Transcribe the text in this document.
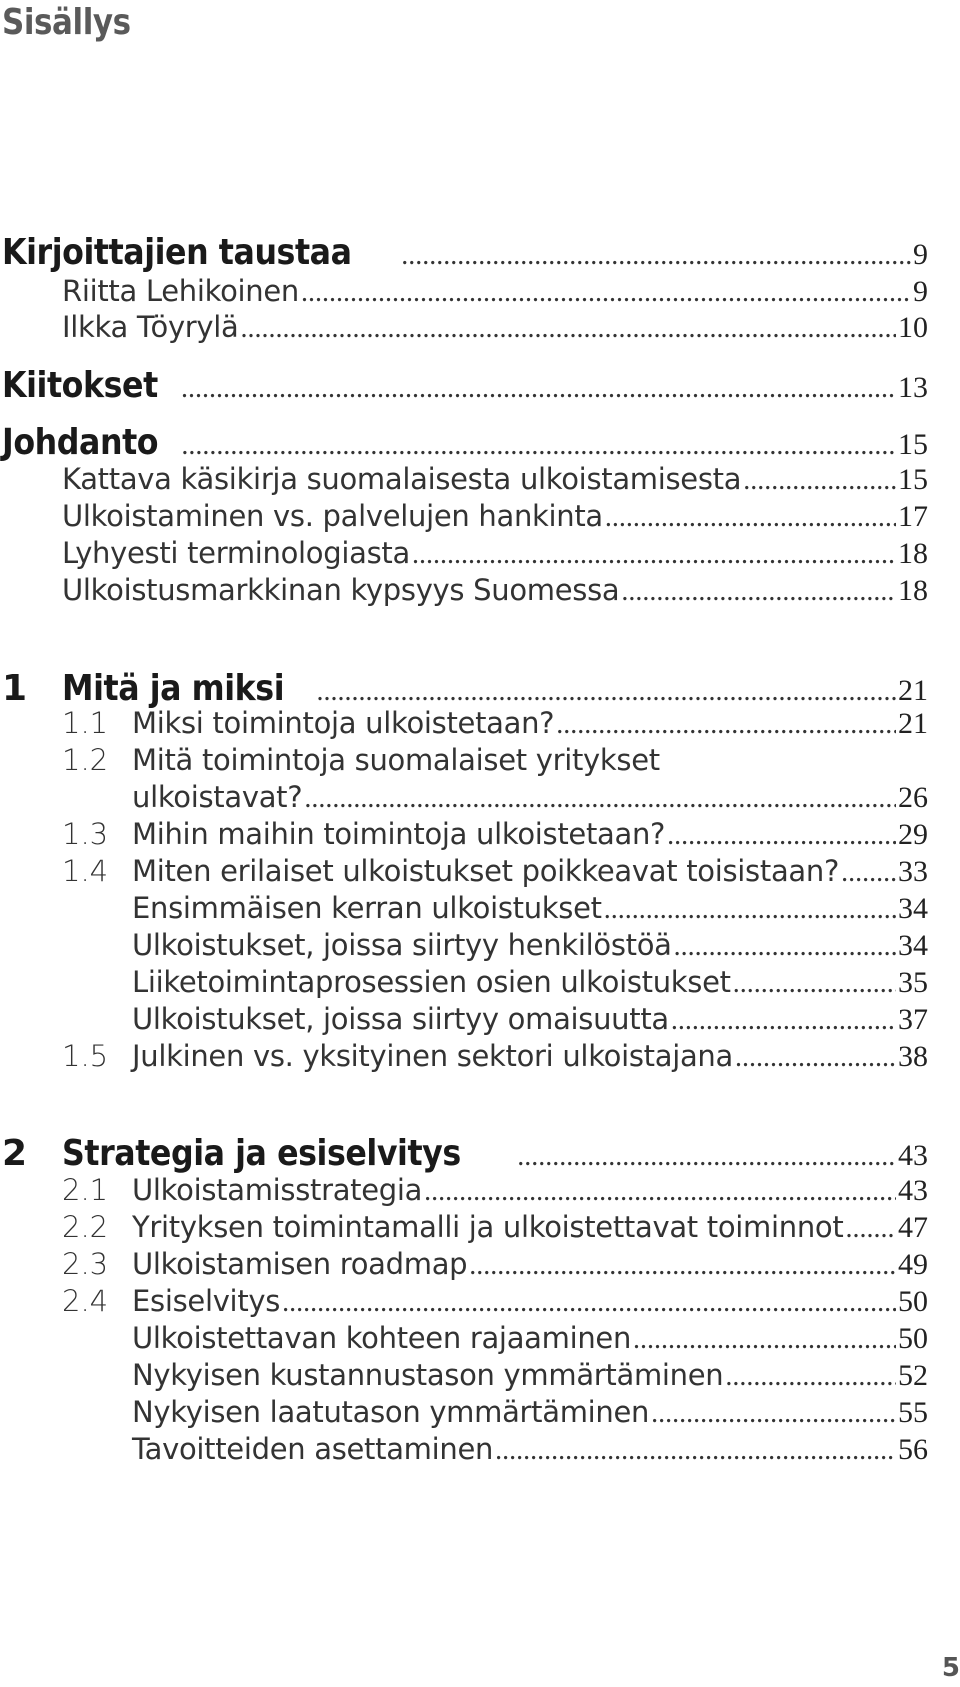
Sisällys
Kirjoittajien taustaa .....	9
Riitta Lehikoinen .....	9
Ilkka Töyrylä .....	10
Kiitokset .....	13
Johdanto .....	15
Kattava käsikirja suomalaisesta ulkoistamisesta .....	15
Ulkoistaminen vs. palvelujen hankinta .....	17
Lyhyesti terminologiasta .....	18
Ulkoistusmarkkinan kypsyys Suomessa .....	18
1 Mitä ja miksi .....	21
1.1 Miksi toimintoja ulkoistetaan? .....	21
1.2 Mitä toimintoja suomalaiset yritykset
ulkoistavat? .....	26
1.3 Mihin maihin toimintoja ulkoistetaan? .....	29
1.4 Miten erilaiset ulkoistukset poikkeavat toisistaan? ..... 33
Ensimmäisen kerran ulkoistukset .....	34
Ulkoistukset, joissa siirtyy henkilöstöä .....	34
Liiketoimintaprosessien osien ulkoistukset .....	35
Ulkoistukset, joissa siirtyy omaisuutta .....	37
1.5 Julkinen vs. yksityinen sektori ulkoistajana .....	38
2 Strategia ja esiselvitys .....	43
2.1 Ulkoistamisstrategia .....	43
2.2 Yrityksen toimintamalli ja ulkoistettavat toiminnot ..... 47
2.3 Ulkoistamisen roadmap .....	49
2.4 Esiselvitys .....	50
Ulkoistettavan kohteen rajaaminen .....	50
Nykyisen kustannustason ymmärtäminen .....	52
Nykyisen laatutason ymmärtäminen .....	55
Tavoitteiden asettaminen .....	56
5
